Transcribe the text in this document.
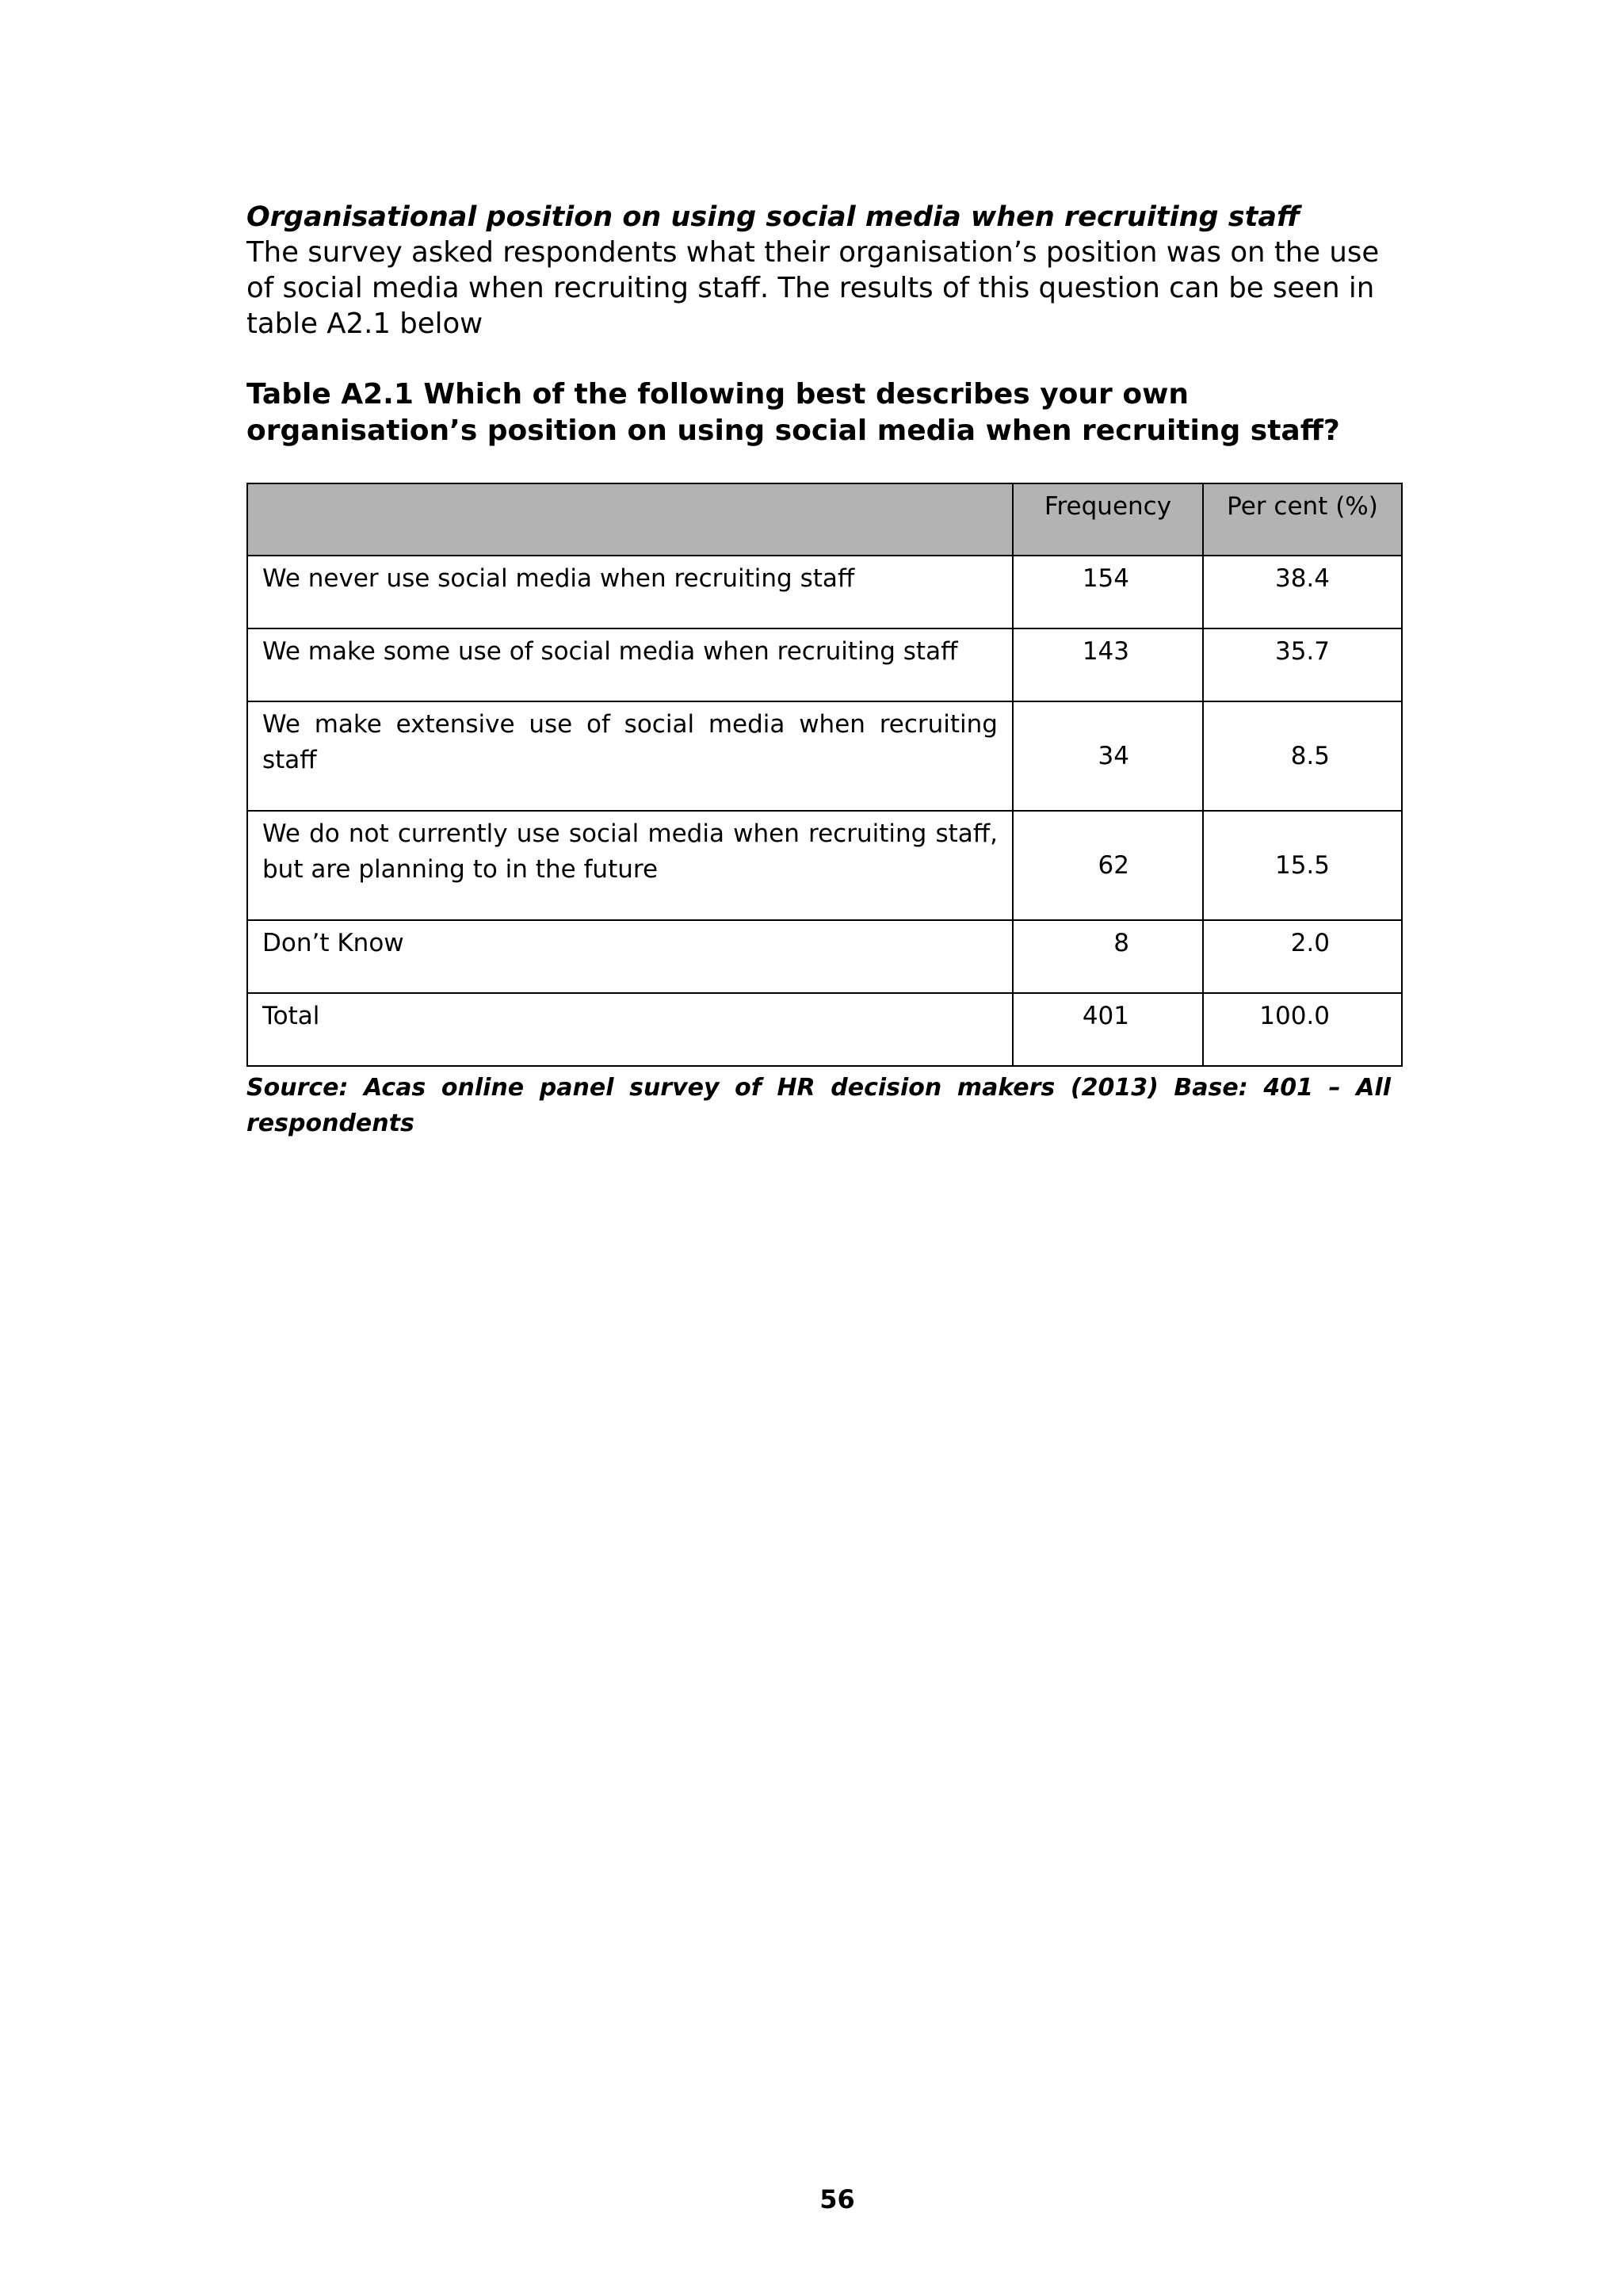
Organisational position on using social media when recruiting staff

The survey asked respondents what their organisation’s position was on the use of social media when recruiting staff. The results of this question can be seen in table A2.1 below

Table A2.1 Which of the following best describes your own organisation’s position on using social media when recruiting staff?
	Frequency	Per cent (%)
We never use social media when recruiting staff	154	38.4
We make some use of social media when recruiting staff	143	35.7
We make extensive use of social media when recruiting staff	34	8.5
We do not currently use social media when recruiting staff, but are planning to in the future	62	15.5
Don’t Know	8	2.0
Total	401	100.0

Source: Acas online panel survey of HR decision makers (2013) Base: 401 – All respondents

56
